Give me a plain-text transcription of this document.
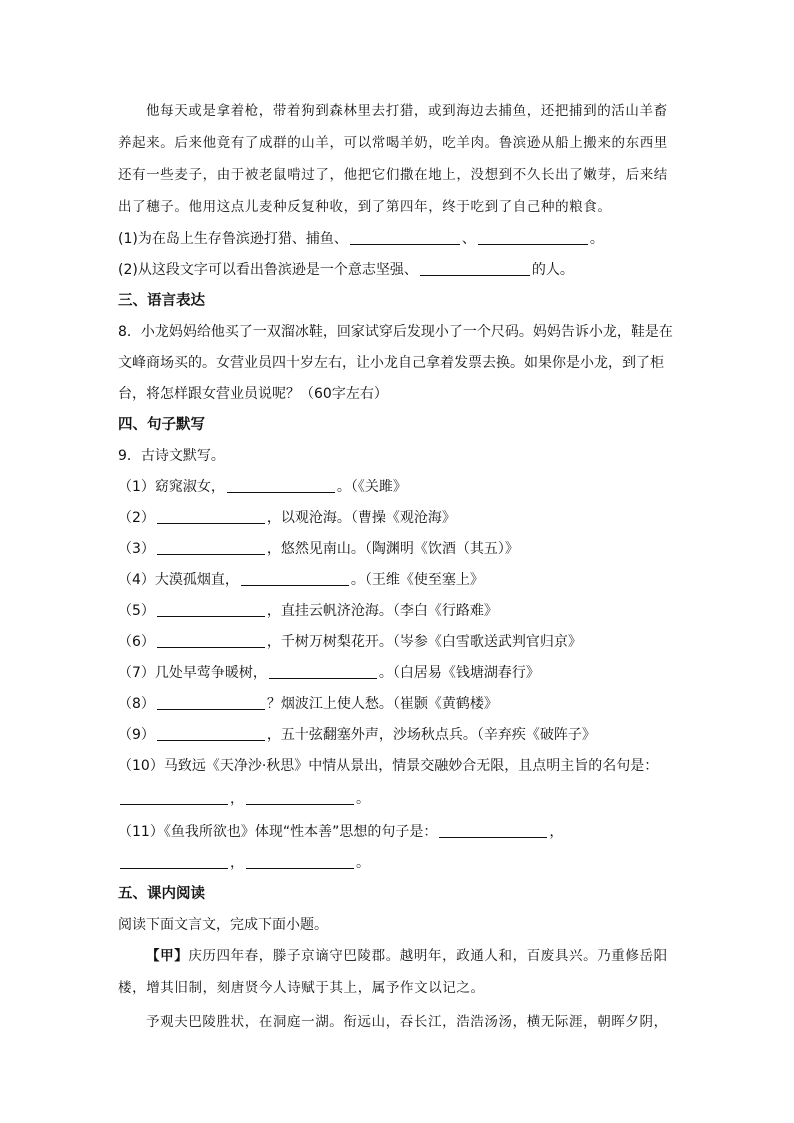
他每天或是拿着枪，带着狗到森林里去打猎，或到海边去捕鱼，还把捕到的活山羊畜
养起来。后来他竟有了成群的山羊，可以常喝羊奶，吃羊肉。鲁滨逊从船上搬来的东西里
还有一些麦子，由于被老鼠啃过了，他把它们撒在地上，没想到不久长出了嫩芽，后来结
出了穗子。他用这点儿麦种反复种收，到了第四年，终于吃到了自己种的粮食。
(1)为在岛上生存鲁滨逊打猎、捕鱼、	、	。
(2)从这段文字可以看出鲁滨逊是一个意志坚强、	的人。
三、语言表达
8．小龙妈妈给他买了一双溜冰鞋，回家试穿后发现小了一个尺码。妈妈告诉小龙，鞋是在
文峰商场买的。女营业员四十岁左右，让小龙自己拿着发票去换。如果你是小龙，到了柜
台，将怎样跟女营业员说呢？（60字左右）
四、句子默写
9．古诗文默写。
（1）窈窕淑女，	。（《关雎》
（2）	，以观沧海。（曹操《观沧海》
（3）	，悠然见南山。（陶渊明《饮酒（其五）》
（4）大漠孤烟直，	。（王维《使至塞上》
（5）	，直挂云帆济沧海。（李白《行路难》
（6）	，千树万树梨花开。（岑参《白雪歌送武判官归京》
（7）几处早莺争暖树，	。（白居易《钱塘湖春行》
（8）	？烟波江上使人愁。（崔颢《黄鹤楼》
（9）	，五十弦翻塞外声，沙场秋点兵。（辛弃疾《破阵子》
（10）马致远《天净沙·秋思》中情从景出，情景交融妙合无限，且点明主旨的名句是：
，	。
（11）《鱼我所欲也》体现“性本善”思想的句子是：	，
，	。
五、课内阅读
阅读下面文言文，完成下面小题。
【甲】庆历四年春，滕子京谪守巴陵郡。越明年，政通人和，百废具兴。乃重修岳阳
楼，增其旧制，刻唐贤今人诗赋于其上，属予作文以记之。
予观夫巴陵胜状，在洞庭一湖。衔远山，吞长江，浩浩汤汤，横无际涯，朝晖夕阴，
